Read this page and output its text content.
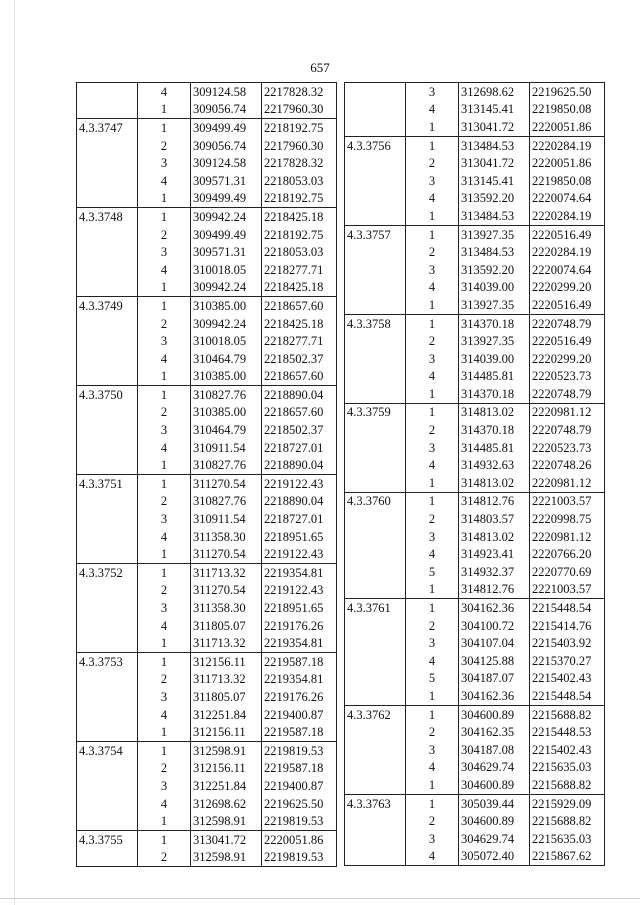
657
	4	309124.58	2217828.32
	1	309056.74	2217960.30
4.3.3747	1	309499.49	2218192.75
	2	309056.74	2217960.30
	3	309124.58	2217828.32
	4	309571.31	2218053.03
	1	309499.49	2218192.75
4.3.3748	1	309942.24	2218425.18
	2	309499.49	2218192.75
	3	309571.31	2218053.03
	4	310018.05	2218277.71
	1	309942.24	2218425.18
4.3.3749	1	310385.00	2218657.60
	2	309942.24	2218425.18
	3	310018.05	2218277.71
	4	310464.79	2218502.37
	1	310385.00	2218657.60
4.3.3750	1	310827.76	2218890.04
	2	310385.00	2218657.60
	3	310464.79	2218502.37
	4	310911.54	2218727.01
	1	310827.76	2218890.04
4.3.3751	1	311270.54	2219122.43
	2	310827.76	2218890.04
	3	310911.54	2218727.01
	4	311358.30	2218951.65
	1	311270.54	2219122.43
4.3.3752	1	311713.32	2219354.81
	2	311270.54	2219122.43
	3	311358.30	2218951.65
	4	311805.07	2219176.26
	1	311713.32	2219354.81
4.3.3753	1	312156.11	2219587.18
	2	311713.32	2219354.81
	3	311805.07	2219176.26
	4	312251.84	2219400.87
	1	312156.11	2219587.18
4.3.3754	1	312598.91	2219819.53
	2	312156.11	2219587.18
	3	312251.84	2219400.87
	4	312698.62	2219625.50
	1	312598.91	2219819.53
4.3.3755	1	313041.72	2220051.86
	2	312598.91	2219819.53
	3	312698.62	2219625.50
	4	313145.41	2219850.08
	1	313041.72	2220051.86
4.3.3756	1	313484.53	2220284.19
	2	313041.72	2220051.86
	3	313145.41	2219850.08
	4	313592.20	2220074.64
	1	313484.53	2220284.19
4.3.3757	1	313927.35	2220516.49
	2	313484.53	2220284.19
	3	313592.20	2220074.64
	4	314039.00	2220299.20
	1	313927.35	2220516.49
4.3.3758	1	314370.18	2220748.79
	2	313927.35	2220516.49
	3	314039.00	2220299.20
	4	314485.81	2220523.73
	1	314370.18	2220748.79
4.3.3759	1	314813.02	2220981.12
	2	314370.18	2220748.79
	3	314485.81	2220523.73
	4	314932.63	2220748.26
	1	314813.02	2220981.12
4.3.3760	1	314812.76	2221003.57
	2	314803.57	2220998.75
	3	314813.02	2220981.12
	4	314923.41	2220766.20
	5	314932.37	2220770.69
	1	314812.76	2221003.57
4.3.3761	1	304162.36	2215448.54
	2	304100.72	2215414.76
	3	304107.04	2215403.92
	4	304125.88	2215370.27
	5	304187.07	2215402.43
	1	304162.36	2215448.54
4.3.3762	1	304600.89	2215688.82
	2	304162.35	2215448.53
	3	304187.08	2215402.43
	4	304629.74	2215635.03
	1	304600.89	2215688.82
4.3.3763	1	305039.44	2215929.09
	2	304600.89	2215688.82
	3	304629.74	2215635.03
	4	305072.40	2215867.62
